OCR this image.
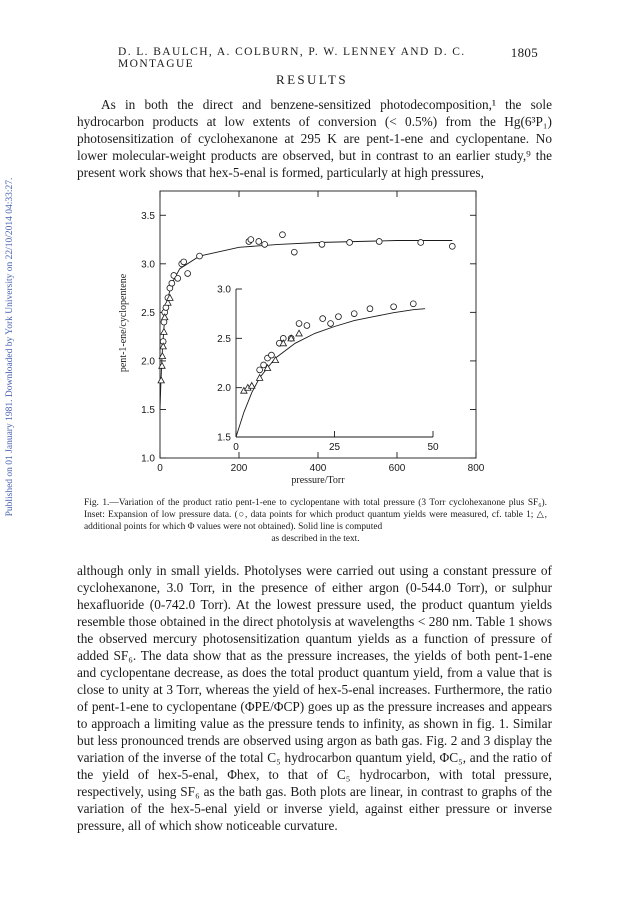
Published on 01 January 1981. Downloaded by York University on 22/10/2014 04:33:27.
D. L. BAULCH, A. COLBURN, P. W. LENNEY AND D. C. MONTAGUE
1805
RESULTS
As in both the direct and benzene-sensitized photodecomposition,¹ the sole hydrocarbon products at low extents of conversion (< 0.5%) from the Hg(6³P₁) photosensitization of cyclohexanone at 295 K are pent-1-ene and cyclopentane. No lower molecular-weight products are observed, but in contrast to an earlier study,⁹ the present work shows that hex-5-enal is formed, particularly at high pressures,
1.0
1.5
2.0
2.5
3.0
3.5
0	200	400	600	800
pressure/Torr
pent-1-ene/cyclopentene
1.5
2.0
2.5
3.0
0	25	50
Fig. 1.—Variation of the product ratio pent-1-ene to cyclopentane with total pressure (3 Torr cyclohexanone plus SF₆). Inset: Expansion of low pressure data. (○, data points for which product quantum yields were measured, cf. table 1; △, additional points for which Φ values were not obtained). Solid line is computed
as described in the text.
although only in small yields. Photolyses were carried out using a constant pressure of cyclohexanone, 3.0 Torr, in the presence of either argon (0-544.0 Torr), or sulphur hexafluoride (0-742.0 Torr). At the lowest pressure used, the product quantum yields resemble those obtained in the direct photolysis at wavelengths < 280 nm. Table 1 shows the observed mercury photosensitization quantum yields as a function of pressure of added SF₆. The data show that as the pressure increases, the yields of both pent-1-ene and cyclopentane decrease, as does the total product quantum yield, from a value that is close to unity at 3 Torr, whereas the yield of hex-5-enal increases. Furthermore, the ratio of pent-1-ene to cyclopentane (ΦPE/ΦCP) goes up as the pressure increases and appears to approach a limiting value as the pressure tends to infinity, as shown in fig. 1. Similar but less pronounced trends are observed using argon as bath gas. Fig. 2 and 3 display the variation of the inverse of the total C₅ hydrocarbon quantum yield, ΦC₅, and the ratio of the yield of hex-5-enal, Φhex, to that of C₅ hydrocarbon, with total pressure, respectively, using SF₆ as the bath gas. Both plots are linear, in contrast to graphs of the variation of the hex-5-enal yield or inverse yield, against either pressure or inverse pressure, all of which show noticeable curvature.
